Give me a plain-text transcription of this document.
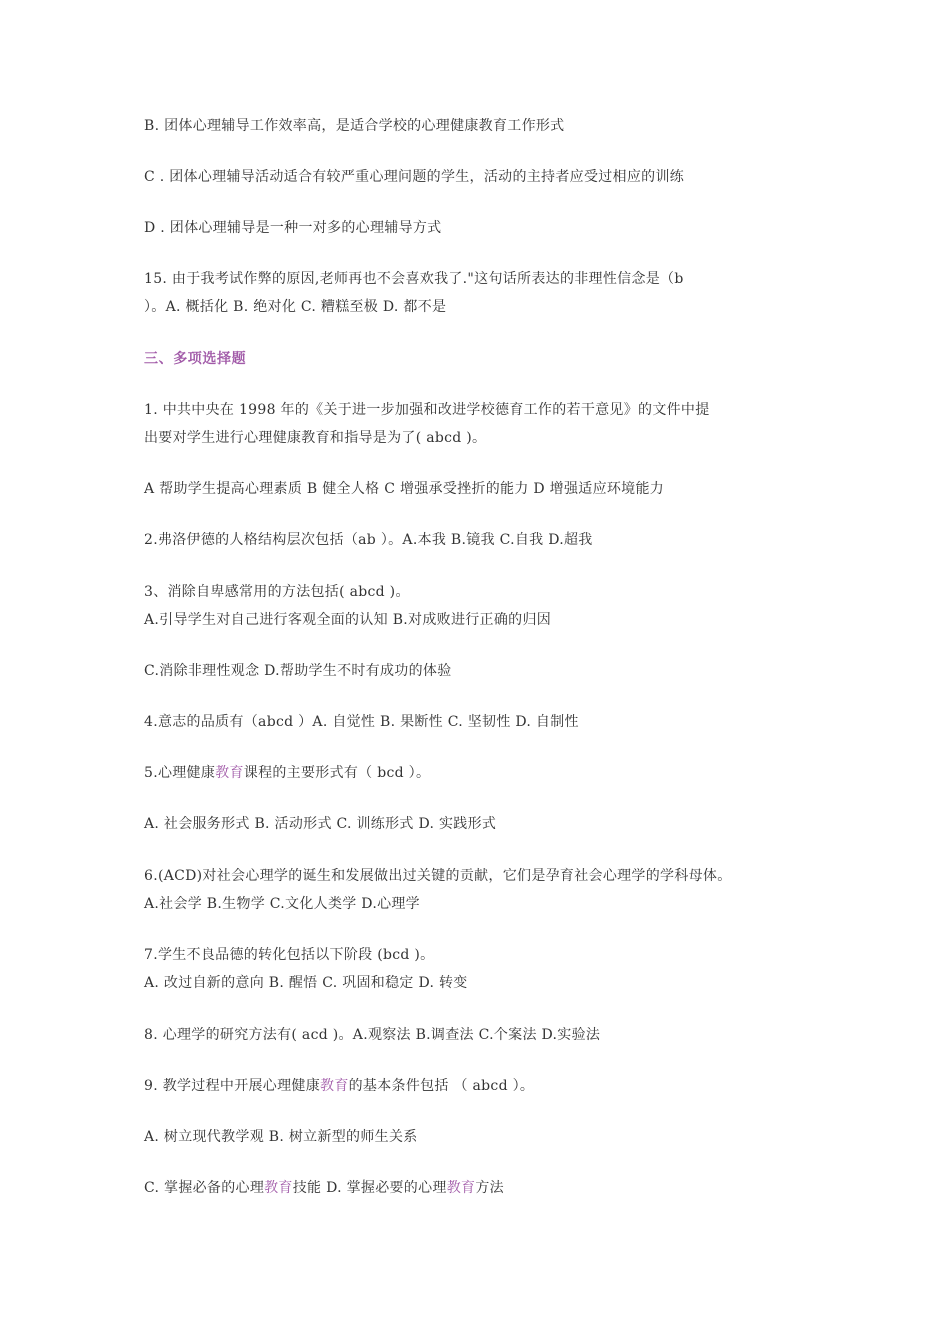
B. 团体心理辅导工作效率高，是适合学校的心理健康教育工作形式
C . 团体心理辅导活动适合有较严重心理问题的学生，活动的主持者应受过相应的训练
D . 团体心理辅导是一种一对多的心理辅导方式
15. 由于我考试作弊的原因,老师再也不会喜欢我了."这句话所表达的非理性信念是（b
）。A. 概括化 B. 绝对化 C. 糟糕至极 D. 都不是
三、多项选择题
1. 中共中央在 1998 年的《关于进一步加强和改进学校德育工作的若干意见》的文件中提
出要对学生进行心理健康教育和指导是为了( abcd )。
A 帮助学生提高心理素质 B 健全人格 C 增强承受挫折的能力 D 增强适应环境能力
2.弗洛伊德的人格结构层次包括（ab ）。A.本我 B.镜我 C.自我 D.超我
3、消除自卑感常用的方法包括( abcd )。
A.引导学生对自己进行客观全面的认知 B.对成败进行正确的归因
C.消除非理性观念 D.帮助学生不时有成功的体验
4.意志的品质有（abcd ）A. 自觉性 B. 果断性 C. 坚韧性 D. 自制性
5.心理健康教育课程的主要形式有（ bcd ）。
A. 社会服务形式 B. 活动形式 C. 训练形式 D. 实践形式
6.(ACD)对社会心理学的诞生和发展做出过关键的贡献，它们是孕育社会心理学的学科母体。
A.社会学 B.生物学 C.文化人类学 D.心理学
7.学生不良品德的转化包括以下阶段 (bcd )。
A. 改过自新的意向 B. 醒悟 C. 巩固和稳定 D. 转变
8. 心理学的研究方法有( acd )。A.观察法 B.调查法 C.个案法 D.实验法
9. 教学过程中开展心理健康教育的基本条件包括 （ abcd ）。
A. 树立现代教学观 B. 树立新型的师生关系
C. 掌握必备的心理教育技能 D. 掌握必要的心理教育方法
